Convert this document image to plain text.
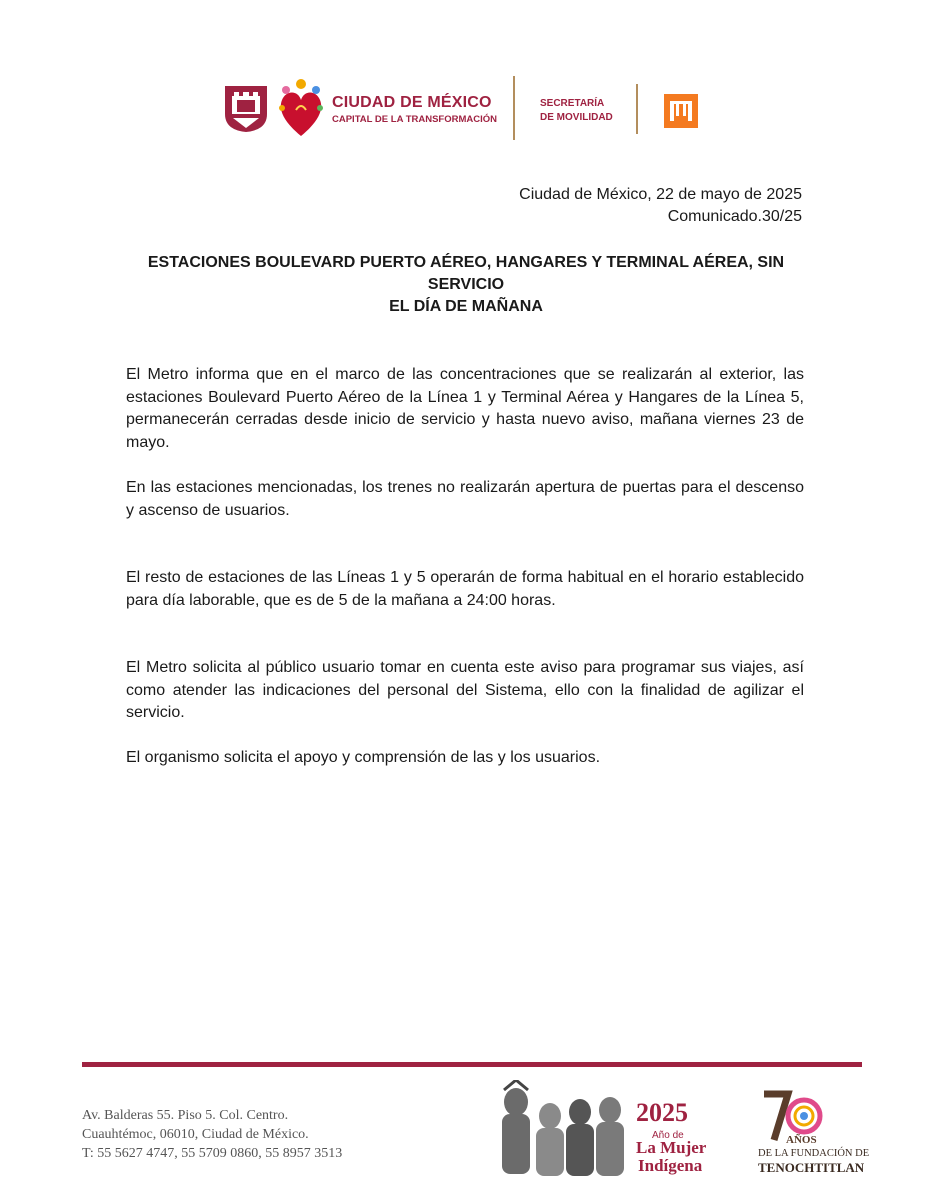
CIUDAD DE MÉXICO
CAPITAL DE LA TRANSFORMACIÓN
SECRETARÍA
DE MOVILIDAD
Ciudad de México, 22 de mayo de 2025
Comunicado.30/25
ESTACIONES BOULEVARD PUERTO AÉREO, HANGARES Y TERMINAL AÉREA, SIN SERVICIO
EL DÍA DE MAÑANA

El Metro informa que en el marco de las concentraciones que se realizarán al exterior, las estaciones Boulevard Puerto Aéreo de la Línea 1 y Terminal Aérea y Hangares de la Línea 5, permanecerán cerradas desde inicio de servicio y hasta nuevo aviso, mañana viernes 23 de mayo.

En las estaciones mencionadas, los trenes no realizarán apertura de puertas para el descenso y ascenso de usuarios.

El resto de estaciones de las Líneas 1 y 5 operarán de forma habitual en el horario establecido para día laborable, que es de 5 de la mañana a 24:00 horas.

El Metro solicita al público usuario tomar en cuenta este aviso para programar sus viajes, así como atender las indicaciones del personal del Sistema, ello con la finalidad de agilizar el servicio.

El organismo solicita el apoyo y comprensión de las y los usuarios.

Av. Balderas 55. Piso 5. Col. Centro.
Cuauhtémoc, 06010, Ciudad de México.
T: 55 5627 4747, 55 5709 0860, 55 8957 3513
2025
Año de
La Mujer
Indígena
AÑOS
DE LA FUNDACIÓN DE
TENOCHTITLAN
